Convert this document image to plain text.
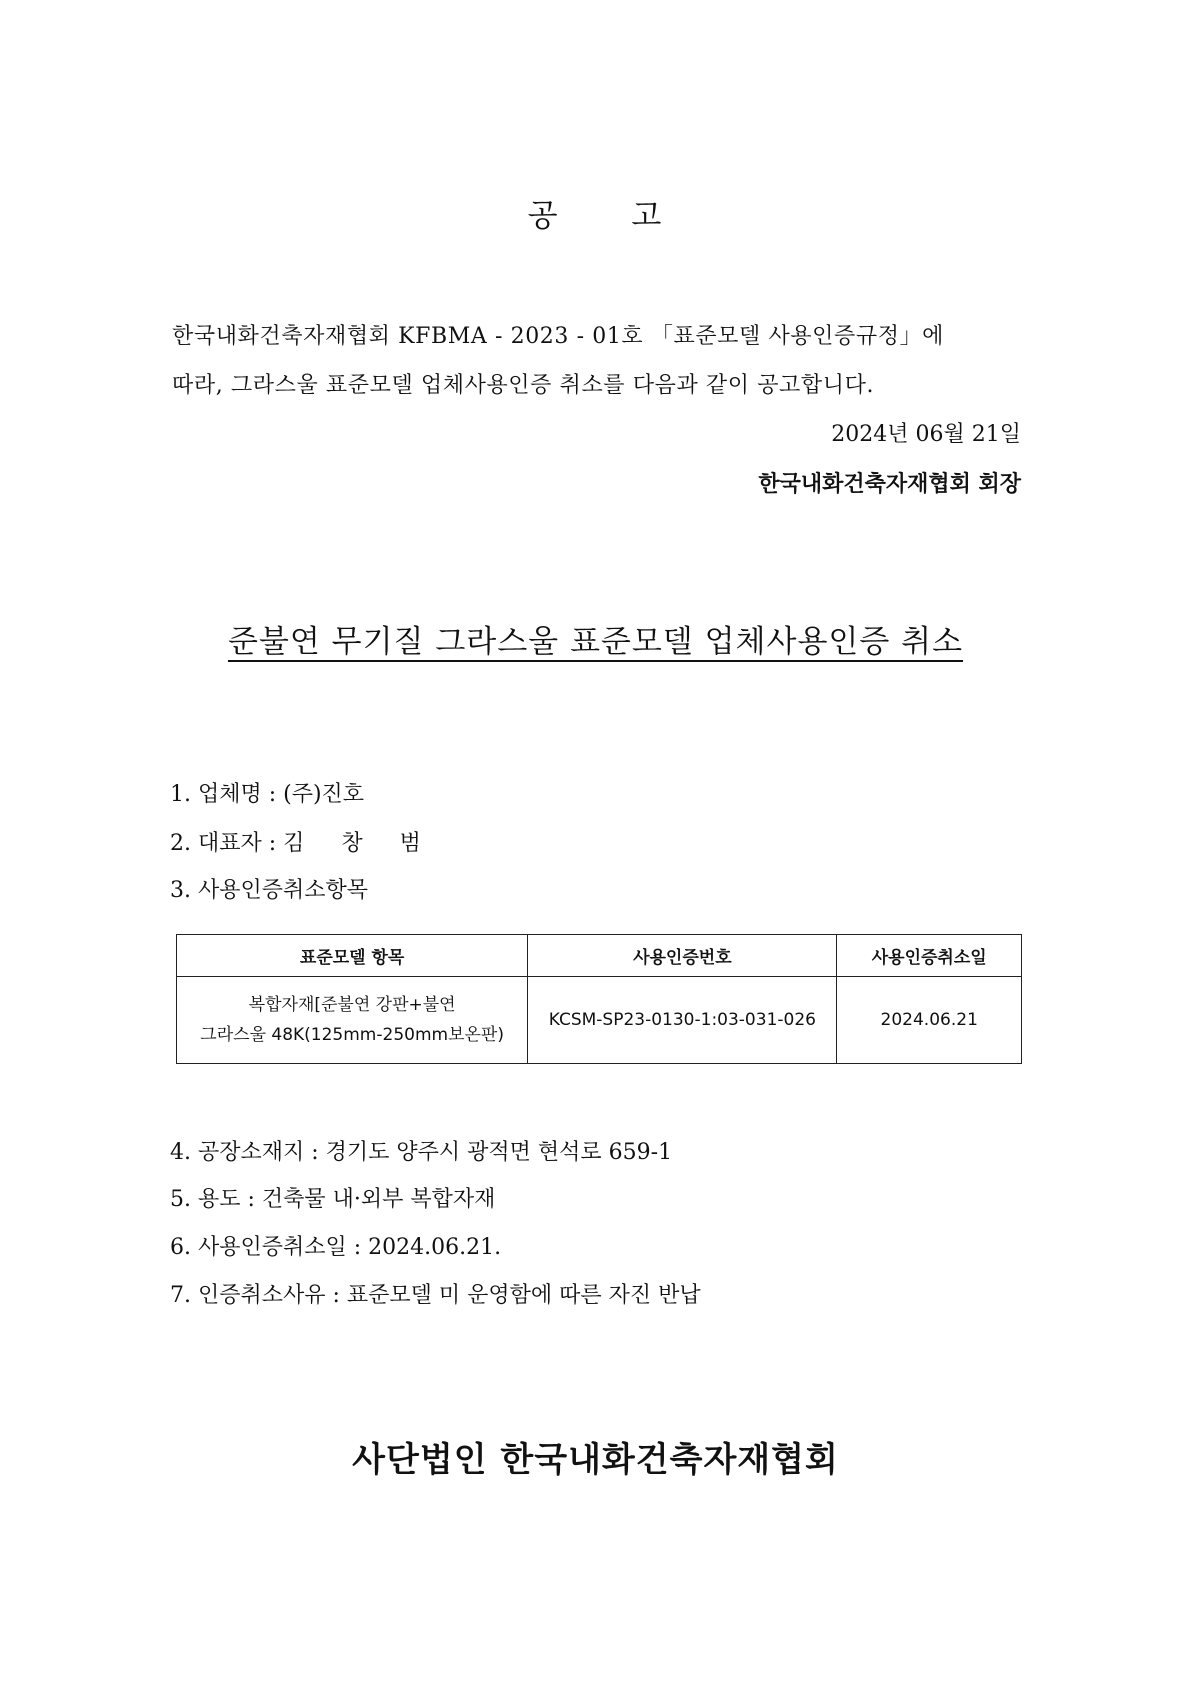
공 고
한국내화건축자재협회 KFBMA - 2023 - 01호 「표준모델 사용인증규정」에
따라, 그라스울 표준모델 업체사용인증 취소를 다음과 같이 공고합니다.
2024년 06월 21일
한국내화건축자재협회 회장
준불연 무기질 그라스울 표준모델 업체사용인증 취소
1. 업체명 : (주)진호
2. 대표자 : 김 창 범
3. 사용인증취소항목
표준모델 항목	사용인증번호	사용인증취소일

복합자재[준불연 강판+불연
그라스울 48K(125mm-250mm보온판)	KCSM-SP23-0130-1:03-031-026	2024.06.21
4. 공장소재지 : 경기도 양주시 광적면 현석로 659-1
5. 용도 : 건축물 내·외부 복합자재
6. 사용인증취소일 : 2024.06.21.
7. 인증취소사유 : 표준모델 미 운영함에 따른 자진 반납
사단법인 한국내화건축자재협회
